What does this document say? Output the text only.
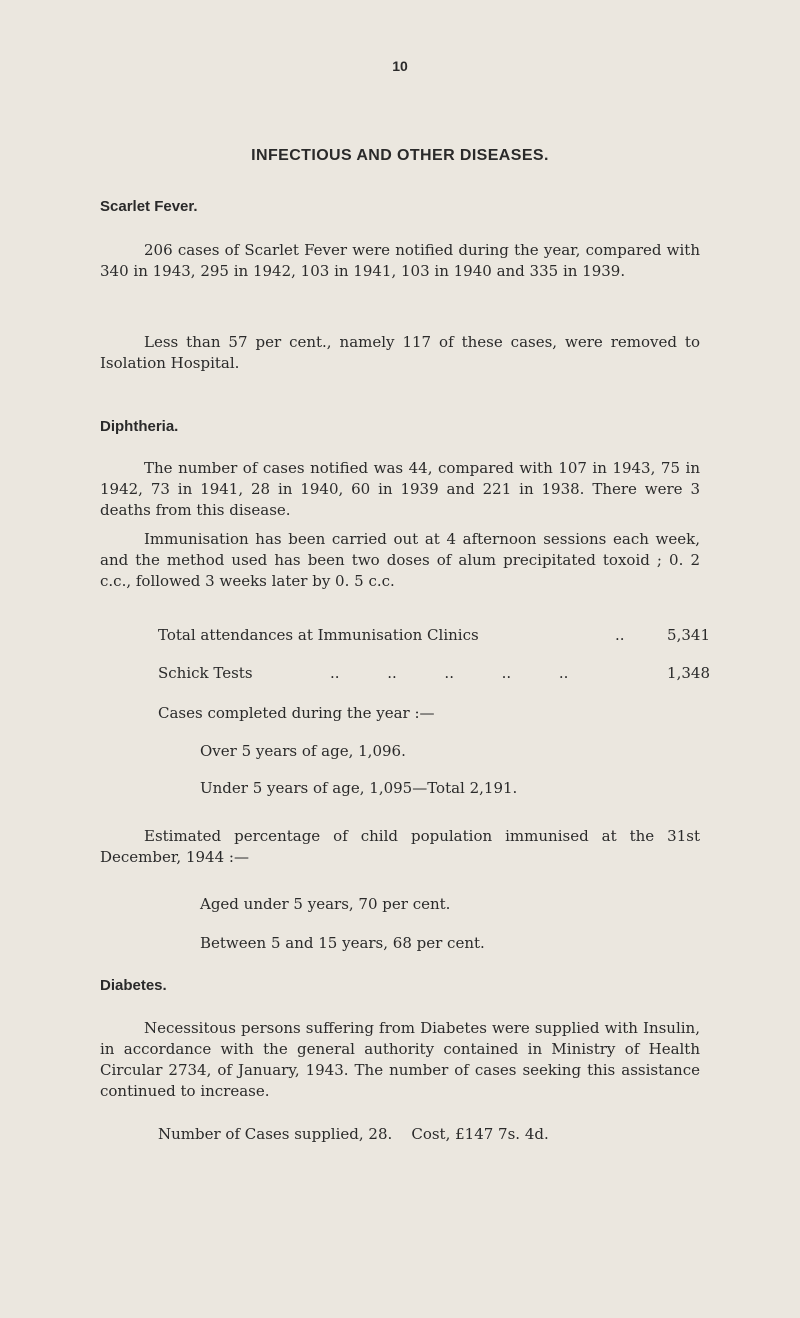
10
INFECTIOUS AND OTHER DISEASES.
Scarlet Fever.
206 cases of Scarlet Fever were notified during the year, compared with 340 in 1943, 295 in 1942, 103 in 1941, 103 in 1940 and 335 in 1939.
Less than 57 per cent., namely 117 of these cases, were removed to Isolation Hospital.
Diphtheria.
The number of cases notified was 44, compared with 107 in 1943, 75 in 1942, 73 in 1941, 28 in 1940, 60 in 1939 and 221 in 1938. There were 3 deaths from this disease.
Immunisation has been carried out at 4 afternoon sessions each week, and the method used has been two doses of alum precipitated toxoid ; 0. 2 c.c., followed 3 weeks later by 0. 5 c.c.
Total attendances at Immunisation Clinics	..	5,341
Schick Tests	..          ..          ..          ..          ..	1,348
Cases completed during the year :—
Over 5 years of age, 1,096.
Under 5 years of age, 1,095—Total 2,191.
Estimated percentage of child population immunised at the 31st December, 1944 :—
Aged under 5 years, 70 per cent.
Between 5 and 15 years, 68 per cent.
Diabetes.
Necessitous persons suffering from Diabetes were supplied with Insulin, in accordance with the general authority contained in Ministry of Health Circular 2734, of January, 1943. The number of cases seeking this assistance continued to increase.
Number of Cases supplied, 28.    Cost, £147 7s. 4d.
